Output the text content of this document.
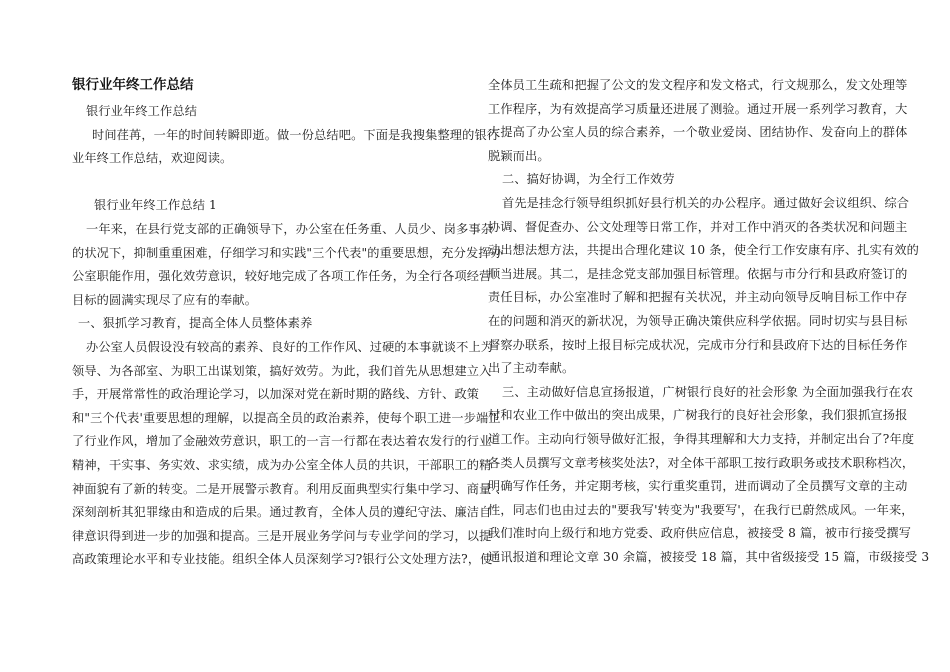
银行业年终工作总结
银行业年终工作总结
时间荏苒，一年的时间转瞬即逝。做一份总结吧。下面是我搜集整理的银行
业年终工作总结，欢迎阅读。
银行业年终工作总结 1
一年来，在县行党支部的正确领导下，办公室在任务重、人员少、岗多事杂
的状况下，抑制重重困难，仔细学习和实践"三个代表"的重要思想，充分发挥办
公室职能作用，强化效劳意识，较好地完成了各项工作任务，为全行各项经营
目标的圆满实现尽了应有的奉献。
一、狠抓学习教育，提高全体人员整体素养
办公室人员假设没有较高的素养、良好的工作作风、过硬的本事就谈不上为
领导、为各部室、为职工出谋划策，搞好效劳。为此，我们首先从思想建立入
手，开展常常性的政治理论学习，以加深对党在新时期的路线、方针、政策
和"三个代表'重要思想的理解，以提高全员的政治素养，使每个职工进一步端正
了行业作风，增加了金融效劳意识，职工的一言一行都在表达着农发行的行业
精神，干实事、务实效、求实绩，成为办公室全体人员的共识，干部职工的精
神面貌有了新的转变。二是开展警示教育。利用反面典型实行集中学习、商量 、
深刻剖析其犯罪缘由和造成的后果。通过教育，全体人员的遵纪守法、廉洁自
律意识得到进一步的加强和提高。三是开展业务学问与专业学问的学习，以提
高政策理论水平和专业技能。组织全体人员深刻学习?银行公文处理方法?，使
全体员工生疏和把握了公文的发文程序和发文格式，行文规那么，发文处理等
工作程序，为有效提高学习质量还进展了测验。通过开展一系列学习教育，大
大提高了办公室人员的综合素养，一个敬业爱岗、团结协作、发奋向上的群体
脱颖而出。
二、搞好协调，为全行工作效劳
首先是挂念行领导组织抓好县行机关的办公程序。通过做好会议组织、综合
协调、督促查办、公文处理等日常工作，并对工作中消灭的各类状况和问题主
动出想法想方法，共提出合理化建议 10 条，使全行工作安康有序、扎实有效的
顺当进展。其二，是挂念党支部加强目标管理。依据与市分行和县政府签订的
责任目标，办公室准时了解和把握有关状况，并主动向领导反响目标工作中存
在的问题和消灭的新状况，为领导正确决策供应科学依据。同时切实与县目标
督察办联系，按时上报目标完成状况，完成市分行和县政府下达的目标任务作
出了主动奉献。
三、主动做好信息宣扬报道，广树银行良好的社会形象 为全面加强我行在农
村和农业工作中做出的突出成果，广树我行的良好社会形象，我们狠抓宣扬报
道工作。主动向行领导做好汇报，争得其理解和大力支持，并制定出台了?年度
各类人员撰写文章考核奖处法?，对全体干部职工按行政职务或技术职称档次，
明确写作任务，并定期考核，实行重奖重罚，进而调动了全员撰写文章的主动
性，同志们也由过去的"要我写'转变为"我要写'，在我行已蔚然成风。一年来，
我们准时向上级行和地方党委、政府供应信息，被接受 8 篇，被市行接受撰写
通讯报道和理论文章 30 余篇，被接受 18 篇，其中省级接受 15 篇，市级接受 3
